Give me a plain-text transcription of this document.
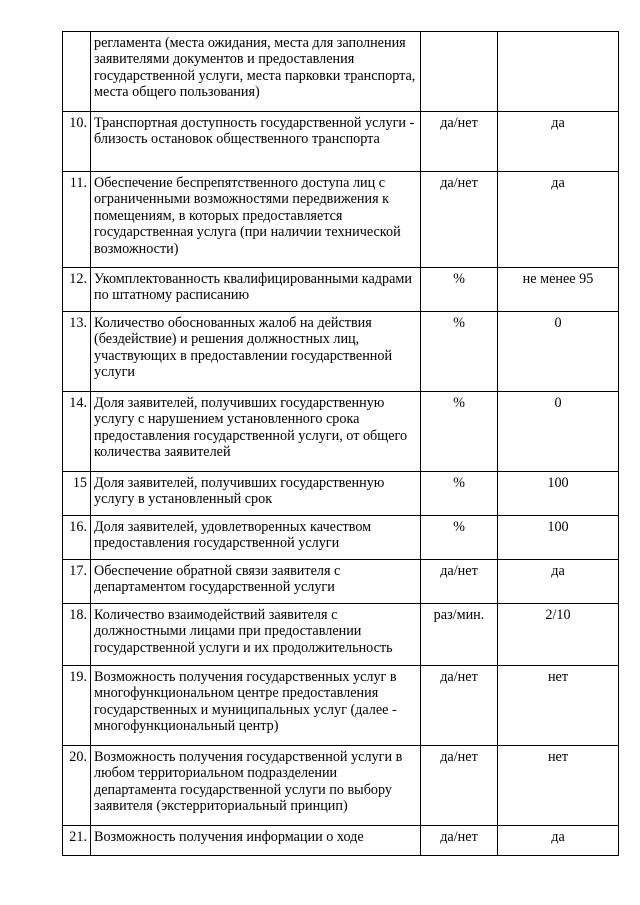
	регламента (места ожидания, места для заполнения заявителями документов и предоставления государственной услуги, места парковки транспорта, места общего пользования)		
10.	Транспортная доступность государственной услуги - близость остановок общественного транспорта	да/нет	да
11.	Обеспечение беспрепятственного доступа лиц с ограниченными возможностями передвижения к помещениям, в которых предоставляется государственная услуга (при наличии технической возможности)	да/нет	да
12.	Укомплектованность квалифицированными кадрами по штатному расписанию	%	не менее 95
13.	Количество обоснованных жалоб на действия (бездействие) и решения должностных лиц, участвующих в предоставлении государственной услуги	%	0
14.	Доля заявителей, получивших государственную услугу с нарушением установленного срока предоставления государственной услуги, от общего количества заявителей	%	0
15	Доля заявителей, получивших государственную услугу в установленный срок	%	100
16.	Доля заявителей, удовлетворенных качеством предоставления государственной услуги	%	100
17.	Обеспечение обратной связи заявителя с департаментом государственной услуги	да/нет	да
18.	Количество взаимодействий заявителя с должностными лицами при предоставлении государственной услуги и их продолжительность	раз/мин.	2/10
19.	Возможность получения государственных услуг в многофункциональном центре предоставления государственных и муниципальных услуг (далее - многофункциональный центр)	да/нет	нет
20.	Возможность получения государственной услуги в любом территориальном подразделении департамента государственной услуги по выбору заявителя (экстерриториальный принцип)	да/нет	нет
21.	Возможность получения информации о ходе	да/нет	да
